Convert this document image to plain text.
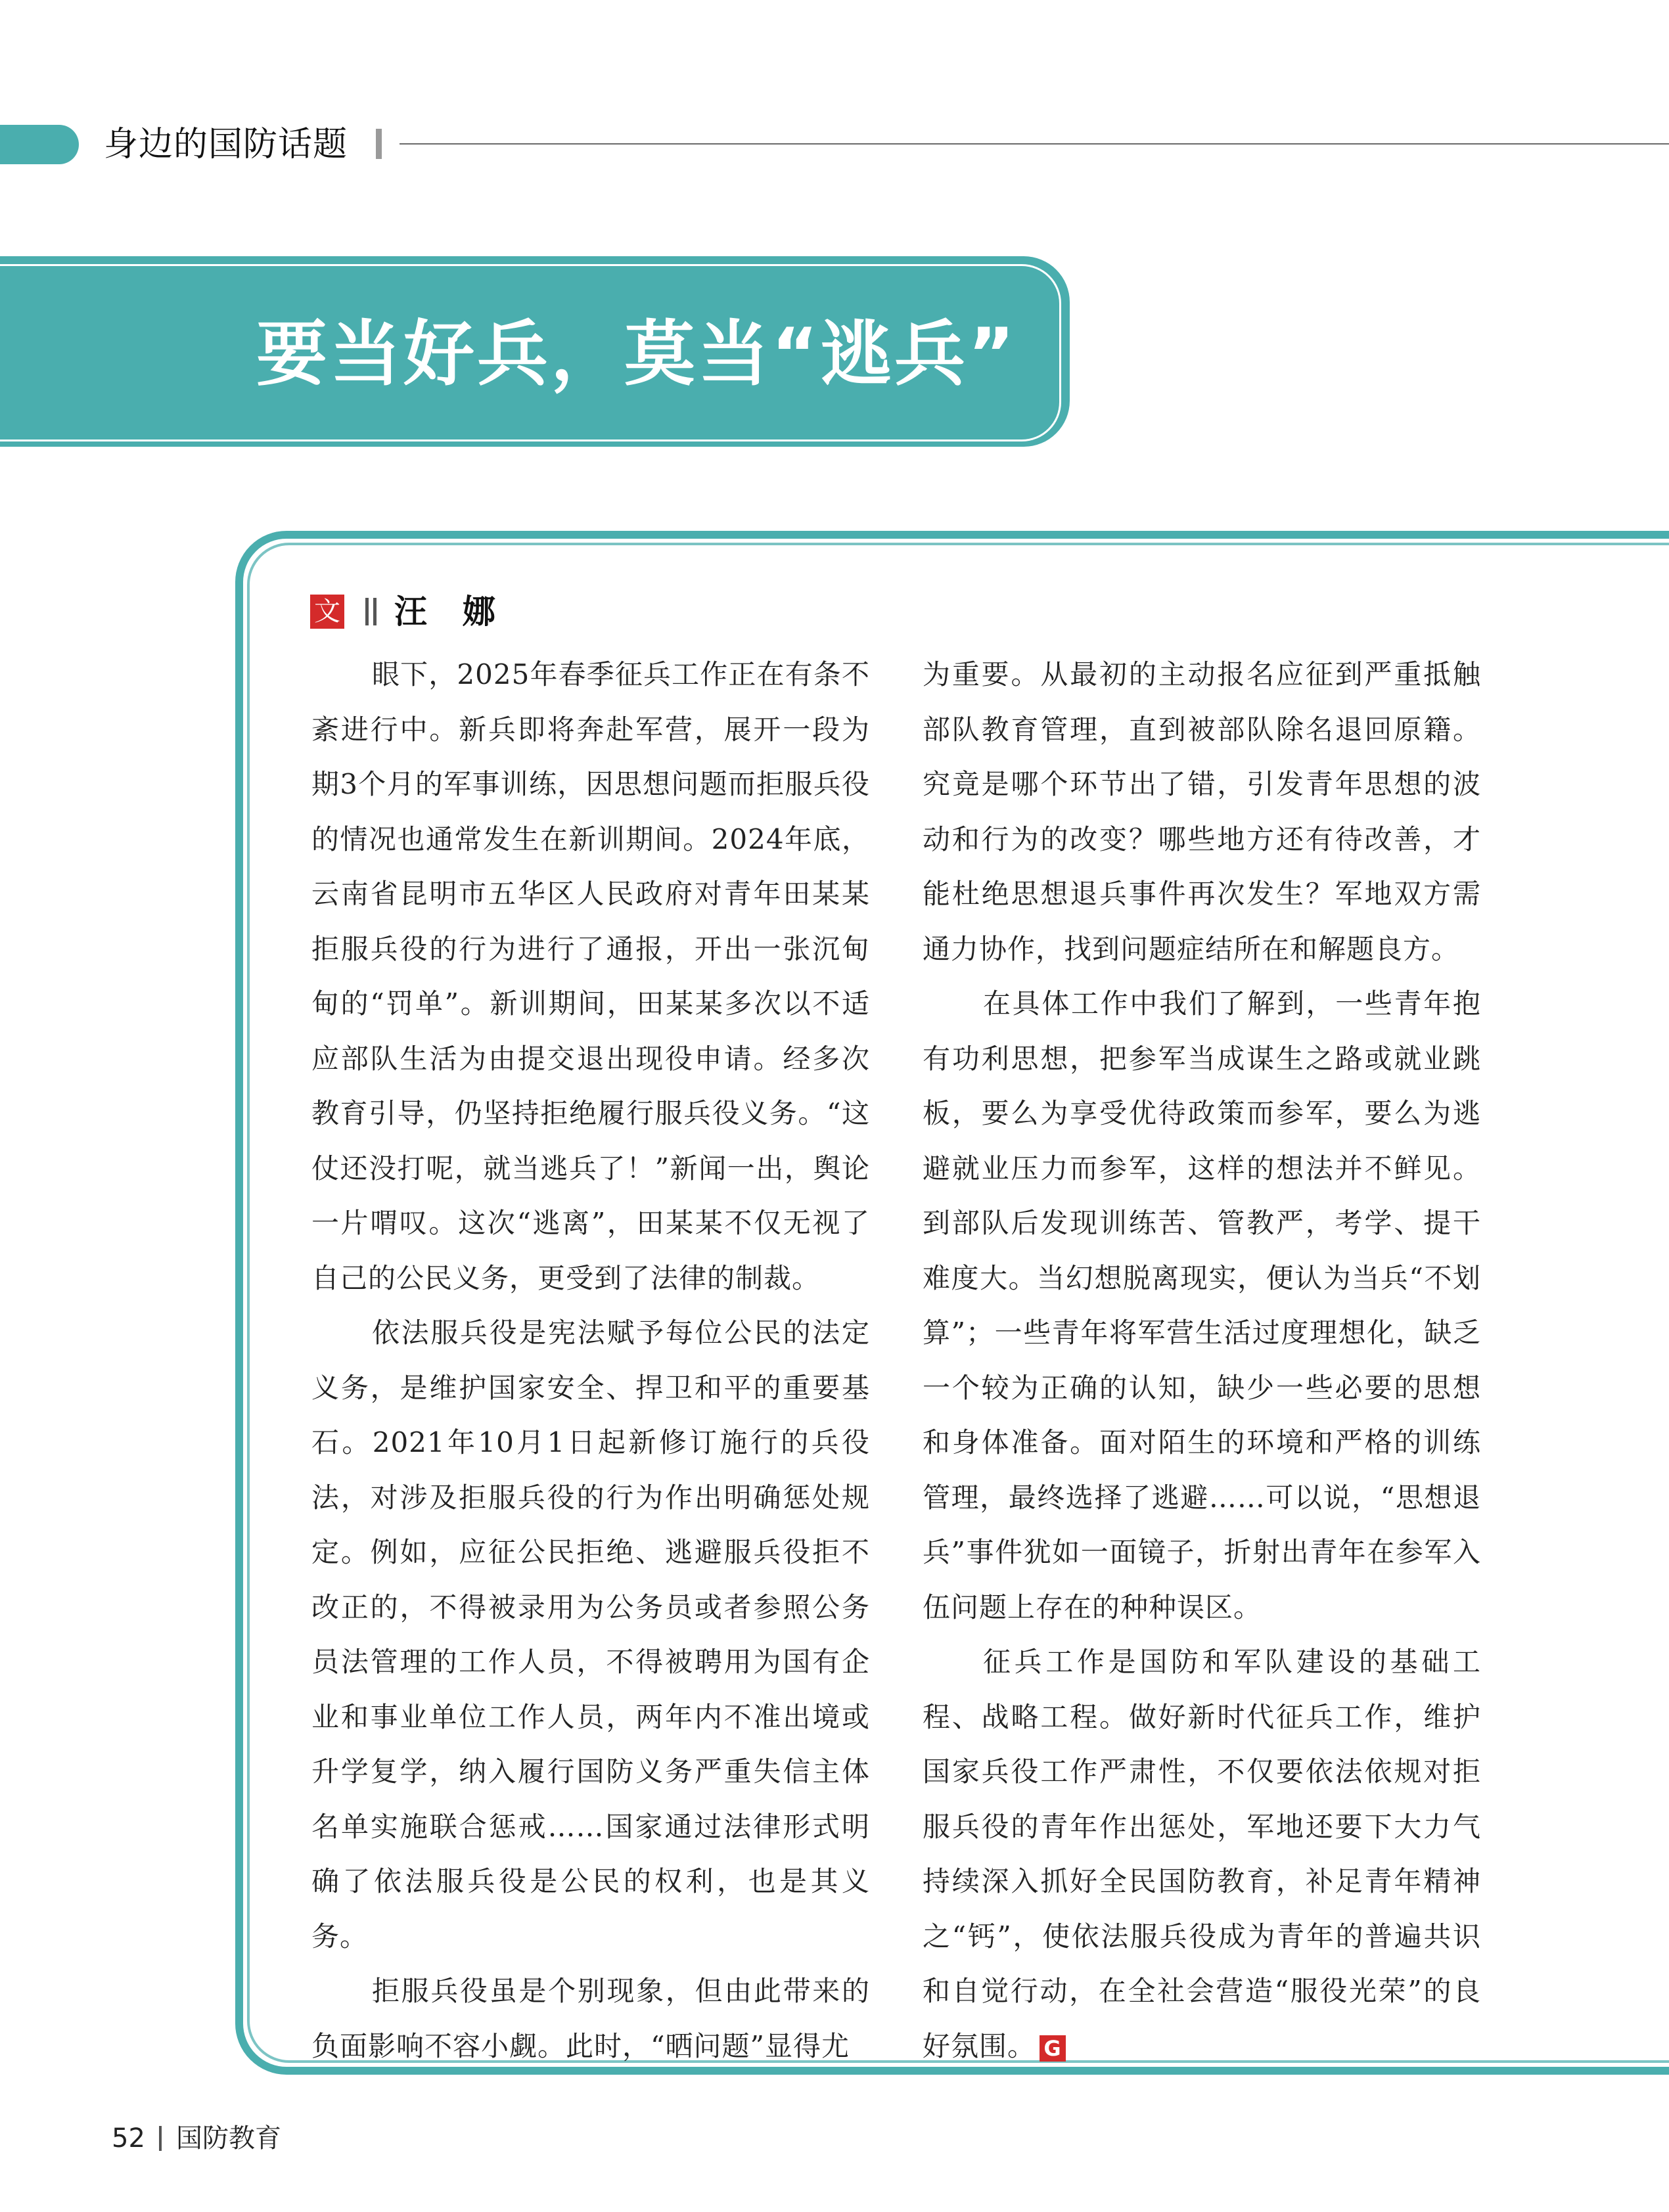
身边的国防话题
要当好兵，莫当“逃兵”
文 汪　娜

眼下，2025年春季征兵工作正在有条不紊进行中。新兵即将奔赴军营，展开一段为期3个月的军事训练，因思想问题而拒服兵役的情况也通常发生在新训期间。2024年底，云南省昆明市五华区人民政府对青年田某某拒服兵役的行为进行了通报，开出一张沉甸甸的“罚单”。新训期间，田某某多次以不适应部队生活为由提交退出现役申请。经多次教育引导，仍坚持拒绝履行服兵役义务。“这仗还没打呢，就当逃兵了！”新闻一出，舆论一片喟叹。这次“逃离”，田某某不仅无视了自己的公民义务，更受到了法律的制裁。

依法服兵役是宪法赋予每位公民的法定义务，是维护国家安全、捍卫和平的重要基石。2021年10月1日起新修订施行的兵役法，对涉及拒服兵役的行为作出明确惩处规定。例如，应征公民拒绝、逃避服兵役拒不改正的，不得被录用为公务员或者参照公务员法管理的工作人员，不得被聘用为国有企业和事业单位工作人员，两年内不准出境或升学复学，纳入履行国防义务严重失信主体名单实施联合惩戒……国家通过法律形式明确了依法服兵役是公民的权利，也是其义务。

拒服兵役虽是个别现象，但由此带来的负面影响不容小觑。此时，“晒问题”显得尤

为重要。从最初的主动报名应征到严重抵触部队教育管理，直到被部队除名退回原籍。究竟是哪个环节出了错，引发青年思想的波动和行为的改变？哪些地方还有待改善，才能杜绝思想退兵事件再次发生？军地双方需通力协作，找到问题症结所在和解题良方。

在具体工作中我们了解到，一些青年抱有功利思想，把参军当成谋生之路或就业跳板，要么为享受优待政策而参军，要么为逃避就业压力而参军，这样的想法并不鲜见。到部队后发现训练苦、管教严，考学、提干难度大。当幻想脱离现实，便认为当兵“不划算”；一些青年将军营生活过度理想化，缺乏一个较为正确的认知，缺少一些必要的思想和身体准备。面对陌生的环境和严格的训练管理，最终选择了逃避……可以说，“思想退兵”事件犹如一面镜子，折射出青年在参军入伍问题上存在的种种误区。

征兵工作是国防和军队建设的基础工程、战略工程。做好新时代征兵工作，维护国家兵役工作严肃性，不仅要依法依规对拒服兵役的青年作出惩处，军地还要下大力气持续深入抓好全民国防教育，补足青年精神之“钙”，使依法服兵役成为青年的普遍共识和自觉行动，在全社会营造“服役光荣”的良好氛围。 G

52 国防教育
